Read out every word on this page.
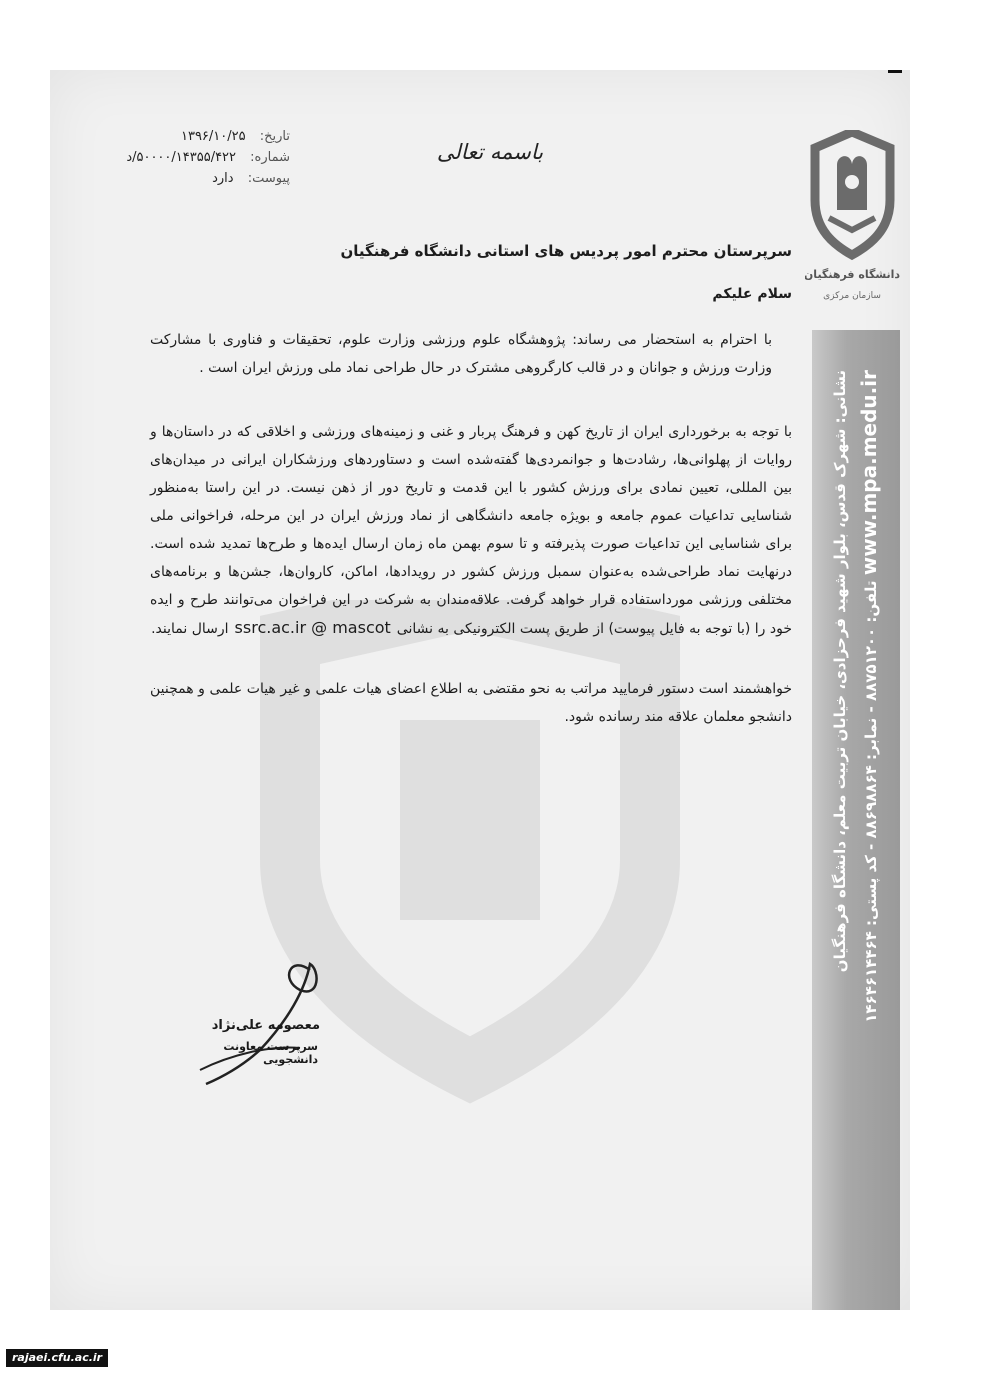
تاریخ: ۱۳۹۶/۱۰/۲۵
شماره: ۵۰۰۰۰/۱۴۳۵۵/۴۲۲/د
پیوست: دارد
باسمه تعالی
دانشگاه فرهنگیان
سازمان مرکزی
نشانی: شهرک قدس، بلوار شهید فرحزادی، خیابان تربیت معلم، دانشگاه فرهنگیان www.mpa.medu.ir تلفن: ۸۸۷۵۱۲۰۰ - نمابر: ۸۸۶۹۸۸۶۴ - کد پستی: ۱۴۶۴۶۱۴۴۶۴
سرپرستان محترم امور پردیس های استانی دانشگاه فرهنگیان
سلام علیکم

با احترام به استحضار می رساند: پژوهشگاه علوم ورزشی وزارت علوم، تحقیقات و فناوری با مشارکت وزارت ورزش و جوانان و در قالب کارگروهی مشترک در حال طراحی نماد ملی ورزش ایران است .

با توجه به برخورداری ایران از تاریخ کهن و فرهنگ پربار و غنی و زمینه‌های ورزشی و اخلاقی که در داستان‌ها و روایات از پهلوانی‌ها، رشادت‌ها و جوانمردی‌ها گفته‌شده است و دستاوردهای ورزشکاران ایرانی در میدان‌های بین المللی، تعیین نمادی برای ورزش کشور با این قدمت و تاریخ دور از ذهن نیست. در این راستا به‌منظور شناسایی تداعیات عموم جامعه و بویژه جامعه دانشگاهی از نماد ورزش ایران در این مرحله، فراخوانی ملی برای شناسایی این تداعیات صورت پذیرفته و تا سوم بهمن ماه زمان ارسال ایده‌ها و طرح‌ها تمدید شده است. درنهایت نماد طراحی‌شده به‌عنوان سمبل ورزش کشور در رویدادها، اماکن، کاروان‌ها، جشن‌ها و برنامه‌های مختلفی ورزشی مورداستفاده قرار خواهد گرفت. علاقه‌مندان به شرکت در این فراخوان می‌توانند طرح و ایده خود را (با توجه به فایل پیوست) از طریق پست الکترونیکی به نشانیssrc.ac.ir @ mascotارسال نمایند.

خواهشمند است دستور فرمایید مراتب به نحو مقتضی به اطلاع اعضای هیات علمی و غیر هیات علمی و همچنین دانشجو معلمان علاقه مند رسانده شود.

معصومه علی‌نژاد
سرپرست معاونت دانشجویی
rajaei.cfu.ac.ir
